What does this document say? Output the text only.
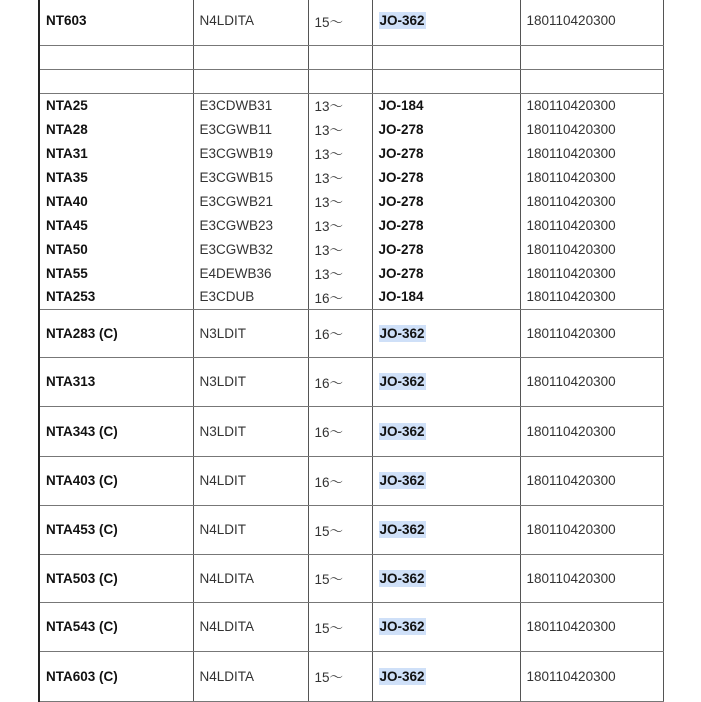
NT603	N4LDITA	15～	JO-362	180110420300

NTA25	E3CDWB31	13～	JO-184	180110420300
NTA28	E3CGWB11	13～	JO-278	180110420300
NTA31	E3CGWB19	13～	JO-278	180110420300
NTA35	E3CGWB15	13～	JO-278	180110420300
NTA40	E3CGWB21	13～	JO-278	180110420300
NTA45	E3CGWB23	13～	JO-278	180110420300
NTA50	E3CGWB32	13～	JO-278	180110420300
NTA55	E4DEWB36	13～	JO-278	180110420300
NTA253	E3CDUB	16～	JO-184	180110420300
NTA283 (C)	N3LDIT	16～	JO-362	180110420300
NTA313	N3LDIT	16～	JO-362	180110420300
NTA343 (C)	N3LDIT	16～	JO-362	180110420300
NTA403 (C)	N4LDIT	16～	JO-362	180110420300
NTA453 (C)	N4LDIT	15～	JO-362	180110420300
NTA503 (C)	N4LDITA	15～	JO-362	180110420300
NTA543 (C)	N4LDITA	15～	JO-362	180110420300
NTA603 (C)	N4LDITA	15～	JO-362	180110420300
